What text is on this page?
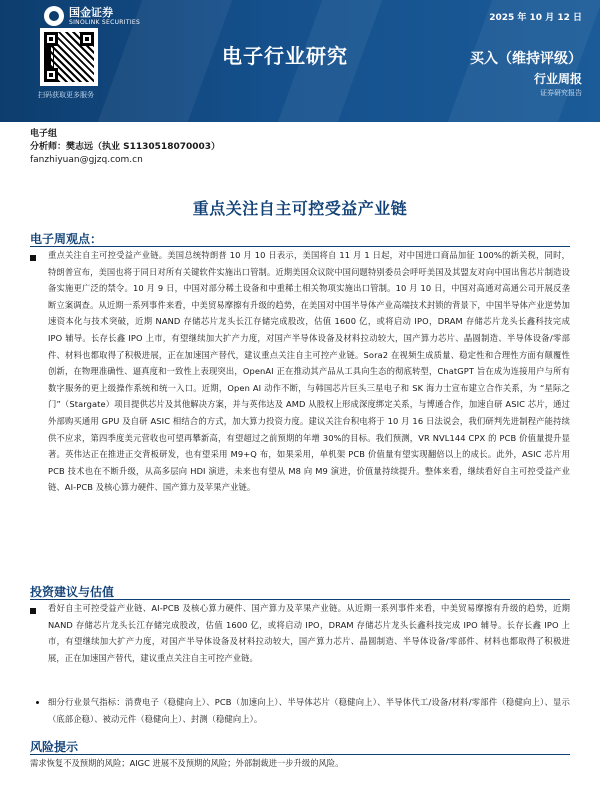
国金证券
SINOLINK SECURITIES
扫码获取更多服务
2025 年 10 月 12 日
电子行业研究	买入（维持评级）
行业周报
证券研究报告
电子组
分析师：樊志远（执业 S1130518070003）
fanzhiyuan@gjzq.com.cn
重点关注自主可控受益产业链
电子周观点：
重点关注自主可控受益产业链。美国总统特朗普 10 月 10 日表示，美国将自 11 月 1 日起，对中国进口商品加征 100%的新关税，同时，特朗普宣布，美国也将于同日对所有关键软件实施出口管制。近期美国众议院中国问题特别委员会呼吁美国及其盟友对向中国出售芯片制造设备实施更广泛的禁令。10 月 9 日，中国对部分稀土设备和中重稀土相关物项实施出口管制。10 月 10 日，中国对高通对高通公司开展反垄断立案调查。从近期一系列事件来看，中美贸易摩擦有升级的趋势，在美国对中国半导体产业高端技术封锁的背景下，中国半导体产业逆势加速资本化与技术突破，近期 NAND 存储芯片龙头长江存储完成股改，估值 1600 亿，或将启动 IPO，DRAM 存储芯片龙头长鑫科技完成 IPO 辅导。长存长鑫 IPO 上市，有望继续加大扩产力度，对国产半导体设备及材料拉动较大，国产算力芯片、晶圆制造、半导体设备/零部件、材料也都取得了积极进展，正在加速国产替代，建议重点关注自主可控产业链。Sora2 在视频生成质量、稳定性和合理性方面有颠覆性创新，在物理准确性、逼真度和一致性上表现突出，OpenAI 正在推动其产品从工具向生态的彻底转型，ChatGPT 旨在成为连接用户与所有数字服务的更上级操作系统和统一入口。近期，Open AI 动作不断，与韩国芯片巨头三星电子和 SK 海力士宣布建立合作关系，为 “星际之门”（Stargate）项目提供芯片及其他解决方案，并与英伟达及 AMD 从股权上形成深度绑定关系，与博通合作，加速自研 ASIC 芯片，通过外部购买通用 GPU 及自研 ASIC 相结合的方式，加大算力投资力度。建议关注台积电将于 10 月 16 日法说会，我们研判先进制程产能持续供不应求，第四季度美元营收也可望再攀新高，有望超过之前预期的年增 30%的目标。我们预测，VR NVL144 CPX 的 PCB 价值量提升显著。英伟达正在推进正交背板研发，也有望采用 M9+Q 布，如果采用，单机架 PCB 价值量有望实现翻倍以上的成长。此外，ASIC 芯片用 PCB 技术也在不断升级，从高多层向 HDI 演进，未来也有望从 M8 向 M9 演进，价值量持续提升。整体来看，继续看好自主可控受益产业链、AI-PCB 及核心算力硬件、国产算力及苹果产业链。
投资建议与估值
看好自主可控受益产业链、AI-PCB 及核心算力硬件、国产算力及苹果产业链。从近期一系列事件来看，中美贸易摩擦有升级的趋势，近期 NAND 存储芯片龙头长江存储完成股改，估值 1600 亿，或将启动 IPO，DRAM 存储芯片龙头长鑫科技完成 IPO 辅导。长存长鑫 IPO 上市，有望继续加大扩产力度，对国产半导体设备及材料拉动较大，国产算力芯片、晶圆制造、半导体设备/零部件、材料也都取得了积极进展，正在加速国产替代，建议重点关注自主可控产业链。
细分行业景气指标：消费电子（稳健向上）、PCB（加速向上）、半导体芯片（稳健向上）、半导体代工/设备/材料/零部件（稳健向上）、显示（底部企稳）、被动元件（稳健向上）、封测（稳健向上）。
风险提示
需求恢复不及预期的风险；AIGC 进展不及预期的风险；外部制裁进一步升级的风险。
